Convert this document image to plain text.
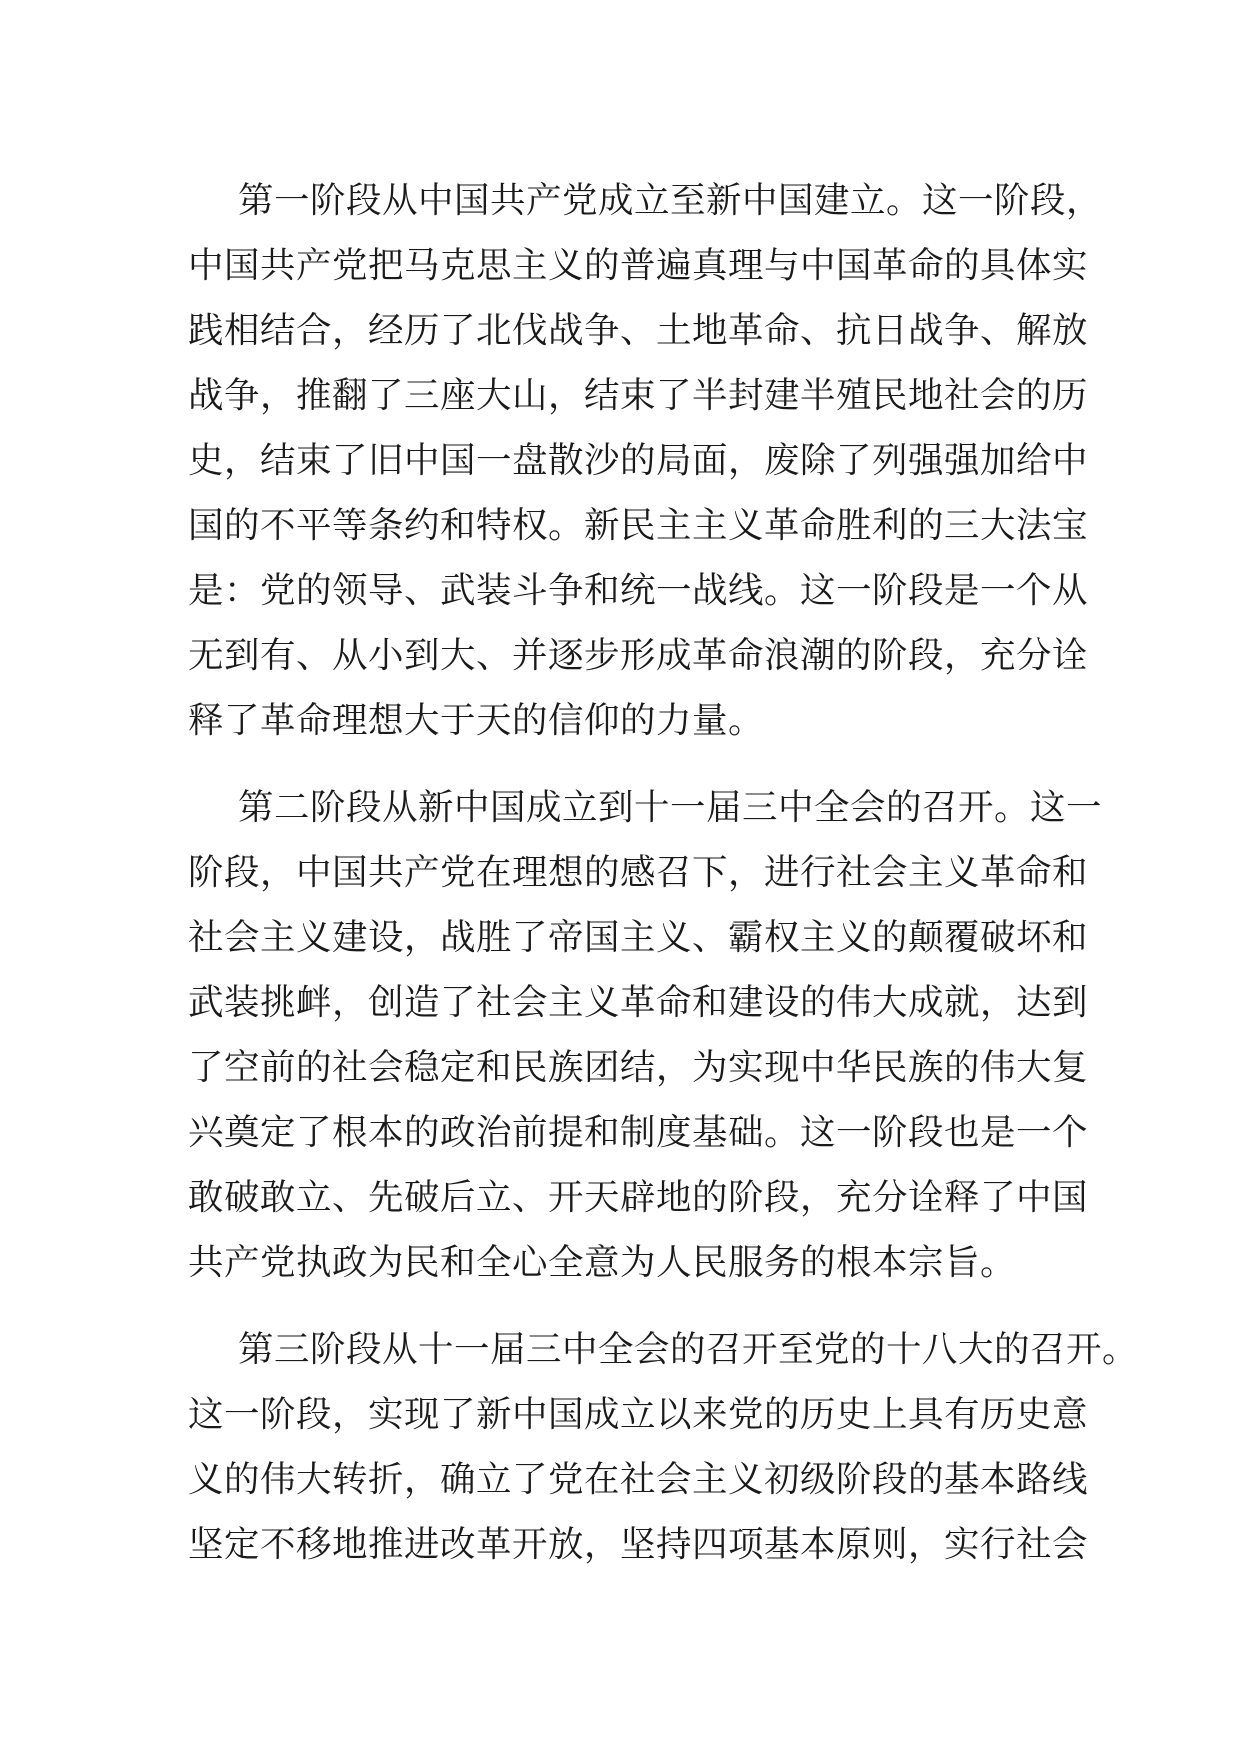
第一阶段从中国共产党成立至新中国建立。这一阶段，
中国共产党把马克思主义的普遍真理与中国革命的具体实
践相结合，经历了北伐战争、土地革命、抗日战争、解放
战争，推翻了三座大山，结束了半封建半殖民地社会的历
史，结束了旧中国一盘散沙的局面，废除了列强强加给中
国的不平等条约和特权。新民主主义革命胜利的三大法宝
是：党的领导、武装斗争和统一战线。这一阶段是一个从
无到有、从小到大、并逐步形成革命浪潮的阶段，充分诠
释了革命理想大于天的信仰的力量。
第二阶段从新中国成立到十一届三中全会的召开。这一
阶段，中国共产党在理想的感召下，进行社会主义革命和
社会主义建设，战胜了帝国主义、霸权主义的颠覆破坏和
武装挑衅，创造了社会主义革命和建设的伟大成就，达到
了空前的社会稳定和民族团结，为实现中华民族的伟大复
兴奠定了根本的政治前提和制度基础。这一阶段也是一个
敢破敢立、先破后立、开天辟地的阶段，充分诠释了中国
共产党执政为民和全心全意为人民服务的根本宗旨。
第三阶段从十一届三中全会的召开至党的十八大的召开。
这一阶段，实现了新中国成立以来党的历史上具有历史意
义的伟大转折，确立了党在社会主义初级阶段的基本路线
坚定不移地推进改革开放，坚持四项基本原则，实行社会
